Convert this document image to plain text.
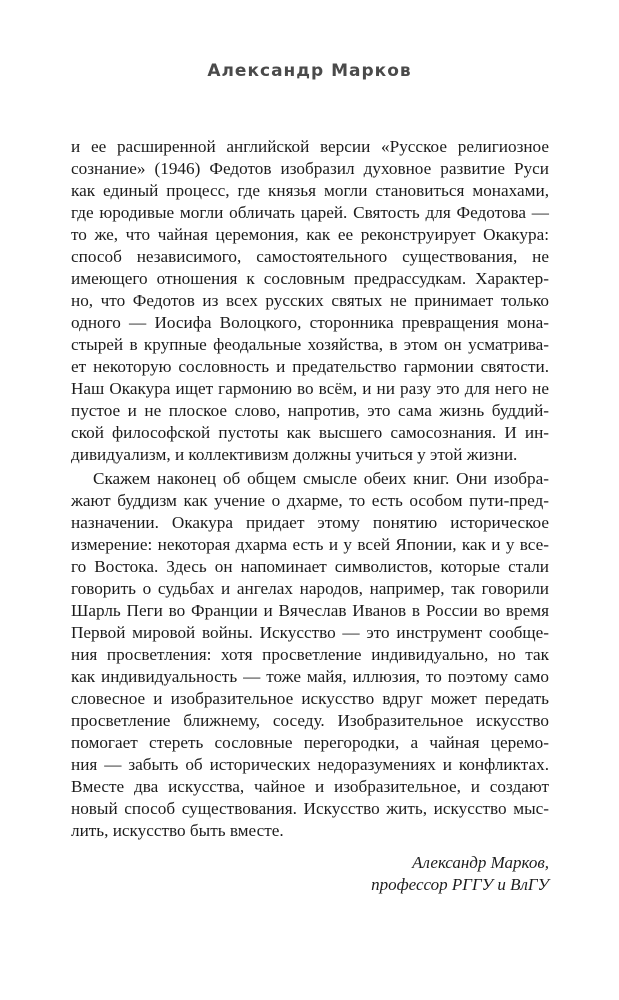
Александр Марков
и ее расширенной английской версии «Русское религиозное
сознание» (1946) Федотов изобразил духовное развитие Руси
как единый процесс, где князья могли становиться монахами,
где юродивые могли обличать царей. Святость для Федотова —
то же, что чайная церемония, как ее реконструирует Окакура:
способ независимого, самостоятельного существования, не
имеющего отношения к сословным предрассудкам. Характер-
но, что Федотов из всех русских святых не принимает только
одного — Иосифа Волоцкого, сторонника превращения мона-
стырей в крупные феодальные хозяйства, в этом он усматрива-
ет некоторую сословность и предательство гармонии святости.
Наш Окакура ищет гармонию во всём, и ни разу это для него не
пустое и не плоское слово, напротив, это сама жизнь буддий-
ской философской пустоты как высшего самосознания. И ин-
дивидуализм, и коллективизм должны учиться у этой жизни.
Скажем наконец об общем смысле обеих книг. Они изобра-
жают буддизм как учение о дхарме, то есть особом пути-пред-
назначении. Окакура придает этому понятию историческое
измерение: некоторая дхарма есть и у всей Японии, как и у все-
го Востока. Здесь он напоминает символистов, которые стали
говорить о судьбах и ангелах народов, например, так говорили
Шарль Пеги во Франции и Вячеслав Иванов в России во время
Первой мировой войны. Искусство — это инструмент сообще-
ния просветления: хотя просветление индивидуально, но так
как индивидуальность — тоже майя, иллюзия, то поэтому само
словесное и изобразительное искусство вдруг может передать
просветление ближнему, соседу. Изобразительное искусство
помогает стереть сословные перегородки, а чайная церемо-
ния — забыть об исторических недоразумениях и конфликтах.
Вместе два искусства, чайное и изобразительное, и создают
новый способ существования. Искусство жить, искусство мыс-
лить, искусство быть вместе.
Александр Марков,
профессор РГГУ и ВлГУ
